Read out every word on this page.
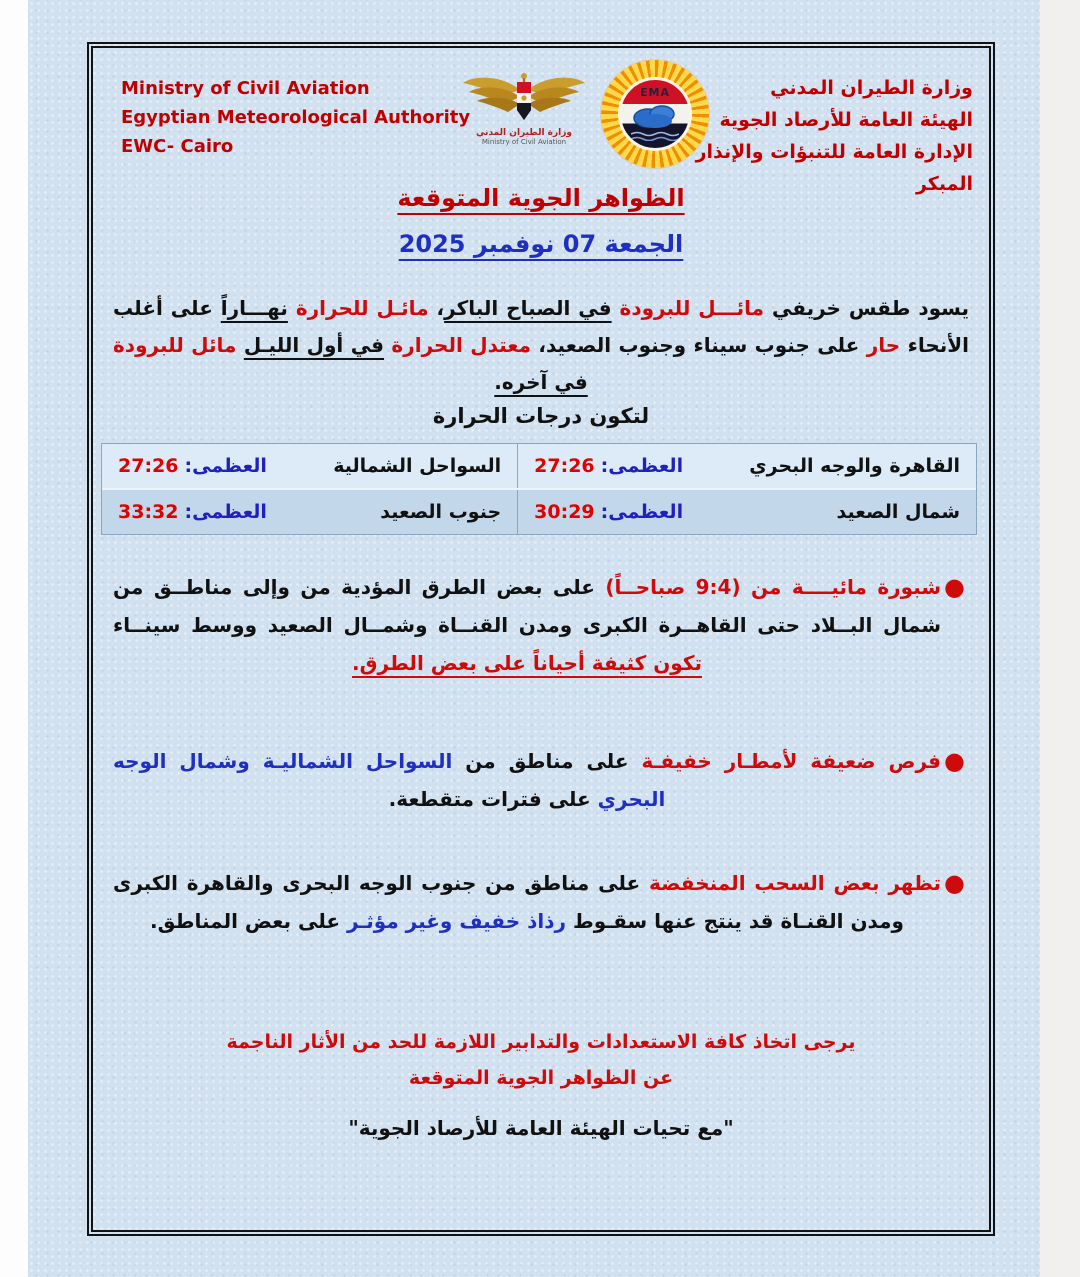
Ministry of Civil Aviation
Egyptian Meteorological Authority
EWC- Cairo
وزارة الطيران المدني
Ministry of Civil Aviation
EMA	وزارة الطيران المدني
الهيئة العامة للأرصاد الجوية
الإدارة العامة للتنبؤات والإنذار المبكر
الظواهر الجوية المتوقعة
الجمعة 07 نوفمبر 2025
يسود طقس خريفي مائـــل للبرودة في الصباح الباكر، مائـل للحرارة نهـــاراً على أغلب الأنحاء حار على جنوب سيناء وجنوب الصعيد، معتدل الحرارة في أول الليـل مائل للبرودة في آخره.
لتكون درجات الحرارة
القاهرة والوجه البحري
العظمى:27:26
السواحل الشمالية
العظمى:27:26
شمال الصعيد
العظمى:30:29
جنوب الصعيد
العظمى:33:32
●
شبورة مائيــــة من (9:4 صباحــاً) على بعض الطرق المؤدية من وإلى مناطــق من شمال البــلاد حتى القاهــرة الكبرى ومدن القنــاة وشمــال الصعيد ووسط سينــاء تكون كثيفة أحياناً على بعض الطرق.
●
فرص ضعيفة لأمطـار خفيفـة على مناطق من السواحل الشماليـة وشمال الوجه البحري على فترات متقطعة.
●
تظهر بعض السحب المنخفضة على مناطق من جنوب الوجه البحرى والقاهرة الكبرى ومدن القنـاة قد ينتج عنها سقـوط رذاذ خفيف وغير مؤثـر على بعض المناطق.
يرجى اتخاذ كافة الاستعدادات والتدابير اللازمة للحد من الأثار الناجمة
عن الظواهر الجوية المتوقعة
"مع تحيات الهيئة العامة للأرصاد الجوية"
